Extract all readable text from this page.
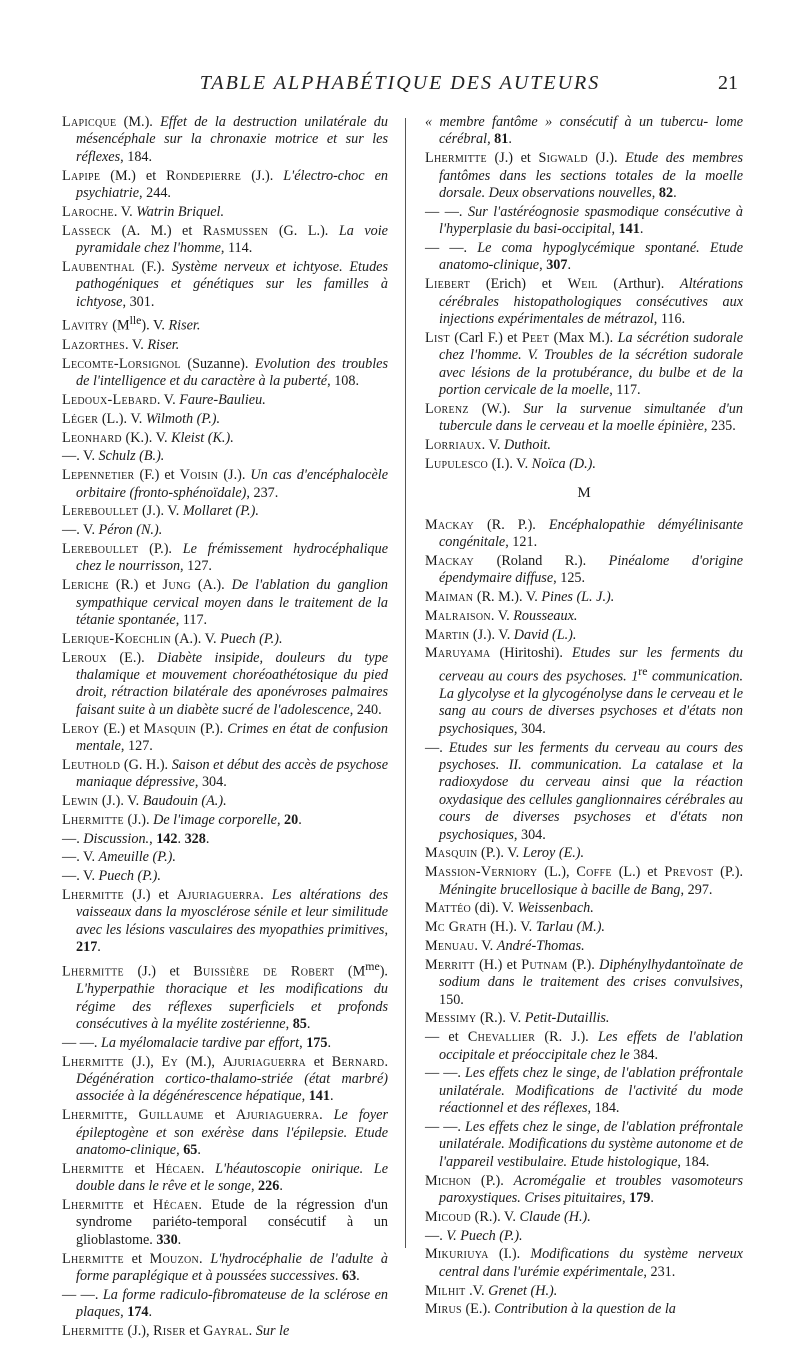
TABLE ALPHABÉTIQUE DES AUTEURS	21

Lapicque (M.). Effet de la destruction unilatérale du mésencéphale sur la chronaxie motrice et sur les réflexes, 184.

Lapipe (M.) et Rondepierre (J.). L'électro-choc en psychiatrie, 244.

Laroche. V. Watrin Briquel.

Lasseck (A. M.) et Rasmussen (G. L.). La voie pyramidale chez l'homme, 114.

Laubenthal (F.). Système nerveux et ichtyose. Etudes pathogéniques et génétiques sur les familles à ichtyose, 301.

Lavitry $(M^{lle})$. V. Riser.

Lazorthes. V. Riser.

Lecomte-Lorsignol (Suzanne). Evolution des troubles de l'intelligence et du caractère à la puberté, 108.

Ledoux-Lebard. V. Faure-Baulieu.

Léger (L.). V. Wilmoth (P.).

Leonhard (K.). V. Kleist (K.).

—. V. Schulz (B.).

Lepennetier (F.) et Voisin (J.). Un cas d'encéphalocèle orbitaire (fronto-sphénoïdale), 237.

Lereboullet (J.). V. Mollaret (P.).

—. V. Péron (N.).

Lereboullet (P.). Le frémissement hydrocéphalique chez le nourrisson, 127.

Leriche (R.) et Jung (A.). De l'ablation du ganglion sympathique cervical moyen dans le traitement de la tétanie spontanée, 117.

Lerique-Koechlin (A.). V. Puech (P.).

Leroux (E.). Diabète insipide, douleurs du type thalamique et mouvement choréoathétosique du pied droit, rétraction bilatérale des aponévroses palmaires faisant suite à un diabète sucré de l'adolescence, 240.

Leroy (E.) et Masquin (P.). Crimes en état de confusion mentale, 127.

Leuthold (G. H.). Saison et début des accès de psychose maniaque dépressive, 304.

Lewin (J.). V. Baudouin (A.).

Lhermitte (J.). De l'image corporelle, 20.

—. Discussion., 142. 328.

—. V. Ameuille (P.).

—. V. Puech (P.).

Lhermitte (J.) et Ajuriaguerra. Les altérations des vaisseaux dans la myosclérose sénile et leur similitude avec les lésions vasculaires des myopathies primitives, 217.

Lhermitte (J.) et Buissière de Robert $(M^{me})$. L'hyperpathie thoracique et les modifications du régime des réflexes superficiels et profonds consécutives à la myélite zostérienne, 85.

— —. La myélomalacie tardive par effort, 175.

Lhermitte (J.), Ey (M.), Ajuriaguerra et Bernard. Dégénération cortico-thalamo-striée (état marbré) associée à la dégénérescence hépatique, 141.

Lhermitte, Guillaume et Ajuriaguerra. Le foyer épileptogène et son exérèse dans l'épilepsie. Etude anatomo-clinique, 65.

Lhermitte et Hécaen. L'héautoscopie onirique. Le double dans le rêve et le songe, 226.

Lhermitte et Hécaen. Etude de la régression d'un syndrome pariéto-temporal consécutif à un glioblastome. 330.

Lhermitte et Mouzon. L'hydrocéphalie de l'adulte à forme paraplégique et à poussées successives. 63.

— —. La forme radiculo-fibromateuse de la sclérose en plaques, 174.

Lhermitte (J.), Riser et Gayral. Sur le

« membre fantôme » consécutif à un tubercu- lome cérébral, 81.

Lhermitte (J.) et Sigwald (J.). Etude des membres fantômes dans les sections totales de la moelle dorsale. Deux observations nouvelles, 82.

— —. Sur l'astéréognosie spasmodique consécutive à l'hyperplasie du basi-occipital, 141.

— —. Le coma hypoglycémique spontané. Etude anatomo-clinique, 307.

Liebert (Erich) et Weil (Arthur). Altérations cérébrales histopathologiques consécutives aux injections expérimentales de métrazol, 116.

List (Carl F.) et Peet (Max M.). La sécrétion sudorale chez l'homme. V. Troubles de la sécrétion sudorale avec lésions de la protubérance, du bulbe et de la portion cervicale de la moelle, 117.

Lorenz (W.). Sur la survenue simultanée d'un tubercule dans le cerveau et la moelle épinière, 235.

Lorriaux. V. Duthoit.

Lupulesco (I.). V. Noïca (D.).

M

Mackay (R. P.). Encéphalopathie démyélinisante congénitale, 121.

Mackay (Roland R.). Pinéalome d'origine épendymaire diffuse, 125.

Maiman (R. M.). V. Pines (L. J.).

Malraison. V. Rousseaux.

Martin (J.). V. David (L.).

Maruyama (Hiritoshi). Etudes sur les ferments du cerveau au cours des psychoses. 1re communication. La glycolyse et la glycogénolyse dans le cerveau et le sang au cours de diverses psychoses et d'états non psychosiques, 304.

—. Etudes sur les ferments du cerveau au cours des psychoses. II. communication. La catalase et la radioxydose du cerveau ainsi que la réaction oxydasique des cellules ganglionnaires cérébrales au cours de diverses psychoses et d'états non psychosiques, 304.

Masquin (P.). V. Leroy (E.).

Massion-Verniory (L.), Coffe (L.) et Prevost (P.). Méningite brucellosique à bacille de Bang, 297.

Mattéo (di). V. Weissenbach.

Mc Grath (H.). V. Tarlau (M.).

Menuau. V. André-Thomas.

Merritt (H.) et Putnam (P.). Diphénylhydantoïnate de sodium dans le traitement des crises convulsives, 150.

Messimy (R.). V. Petit-Dutaillis.

— et Chevallier (R. J.). Les effets de l'ablation occipitale et préoccipitale chez le 384.

— —. Les effets chez le singe, de l'ablation préfrontale unilatérale. Modifications de l'activité du mode réactionnel et des réflexes, 184.

— —. Les effets chez le singe, de l'ablation préfrontale unilatérale. Modifications du système autonome et de l'appareil vestibulaire. Etude histologique, 184.

Michon (P.). Acromégalie et troubles vasomoteurs paroxystiques. Crises pituitaires, 179.

Micoud (R.). V. Claude (H.).

—. V. Puech (P.).

Mikuriuya (I.). Modifications du système nerveux central dans l'urémie expérimentale, 231.

Milhit .V. Grenet (H.).

Mirus (E.). Contribution à la question de la
